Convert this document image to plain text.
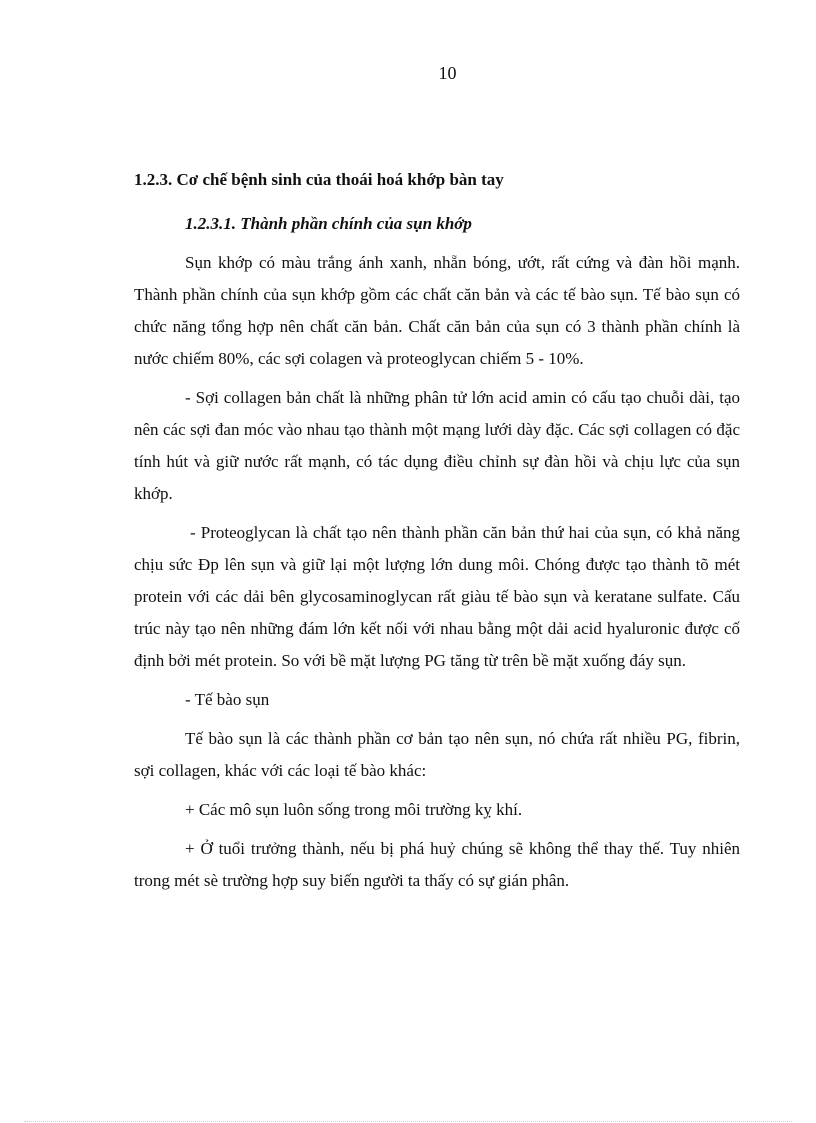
10
1.2.3. Cơ chế bệnh sinh của thoái hoá khớp bàn tay
1.2.3.1. Thành phần chính của sụn khớp

Sụn khớp có màu trắng ánh xanh, nhẵn bóng, ướt, rất cứng và đàn hồi mạnh. Thành phần chính của sụn khớp gồm các chất căn bản và các tế bào sụn. Tế bào sụn có chức năng tổng hợp nên chất căn bản. Chất căn bản của sụn có 3 thành phần chính là nước chiếm 80%, các sợi colagen và proteoglycan chiếm 5 - 10%.

- Sợi collagen bản chất là những phân tử lớn acid amin có cấu tạo chuỗi dài, tạo nên các sợi đan móc vào nhau tạo thành một mạng lưới dày đặc. Các sợi collagen có đặc tính hút và giữ nước rất mạnh, có tác dụng điều chỉnh sự đàn hồi và chịu lực của sụn khớp.

- Proteoglycan là chất tạo nên thành phần căn bản thứ hai của sụn, có khả năng chịu sức Ðp lên sụn và giữ lại một lượng lớn dung môi. Chóng được tạo thành tõ mét protein với các dải bên glycosaminoglycan rất giàu tế bào sụn và keratane sulfate. Cấu trúc này tạo nên những đám lớn kết nối với nhau bằng một dải acid hyaluronic được cố định bởi mét protein. So với bề mặt lượng PG tăng từ trên bề mặt xuống đáy sụn.

- Tế bào sụn

Tế bào sụn là các thành phần cơ bản tạo nên sụn, nó chứa rất nhiều PG, fibrin, sợi collagen, khác với các loại tế bào khác:

+ Các mô sụn luôn sống trong môi trường kỵ khí.

+ Ở tuổi trưởng thành, nếu bị phá huỷ chúng sẽ không thể thay thế. Tuy nhiên trong mét sè trường hợp suy biến người ta thấy có sự gián phân.
